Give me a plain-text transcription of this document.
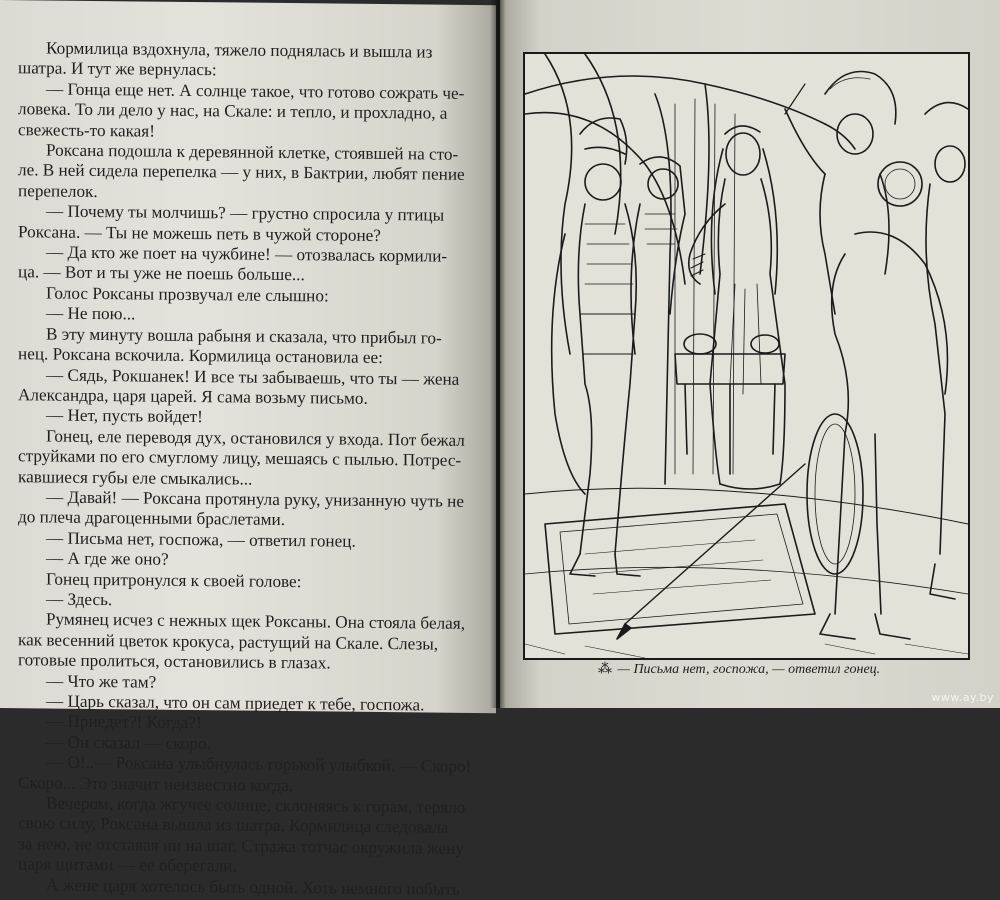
Кормилица вздохнула, тяжело поднялась и вышла из
шатра. И тут же вернулась:
— Гонца еще нет. А солнце такое, что готово сожрать че-
ловека. То ли дело у нас, на Скале: и тепло, и прохладно, а
свежесть-то какая!
Роксана подошла к деревянной клетке, стоявшей на сто-
ле. В ней сидела перепелка — у них, в Бактрии, любят пение
перепелок.
— Почему ты молчишь? — грустно спросила у птицы
Роксана. — Ты не можешь петь в чужой стороне?
— Да кто же поет на чужбине! — отозвалась кормили-
ца. — Вот и ты уже не поешь больше...
Голос Роксаны прозвучал еле слышно:
— Не пою...
В эту минуту вошла рабыня и сказала, что прибыл го-
нец. Роксана вскочила. Кормилица остановила ее:
— Сядь, Рокшанек! И все ты забываешь, что ты — жена
Александра, царя царей. Я сама возьму письмо.
— Нет, пусть войдет!
Гонец, еле переводя дух, остановился у входа. Пот бежал
струйками по его смуглому лицу, мешаясь с пылью. Потрес-
кавшиеся губы еле смыкались...
— Давай! — Роксана протянула руку, унизанную чуть не
до плеча драгоценными браслетами.
— Письма нет, госпожа, — ответил гонец.
— А где же оно?
Гонец притронулся к своей голове:
— Здесь.
Румянец исчез с нежных щек Роксаны. Она стояла белая,
как весенний цветок крокуса, растущий на Скале. Слезы,
готовые пролиться, остановились в глазах.
— Что же там?
— Царь сказал, что он сам приедет к тебе, госпожа.
— Приедет?! Когда?!
— Он сказал — скоро.
— О!..— Роксана улыбнулась горькой улыбкой. — Скоро!
Скоро... Это значит неизвестно когда.
Вечером, когда жгучее солнце, склоняясь к горам, теряло
свою силу, Роксана вышла из шатра. Кормилица следовала
за нею, не отставая ни на шаг. Стража тотчас окружила жену
царя щитами — ее оберегали.
А жене царя хотелось быть одной. Хоть немного побыть
⁂ — Письма нет, госпожа, — ответил гонец.
www.ay.by
